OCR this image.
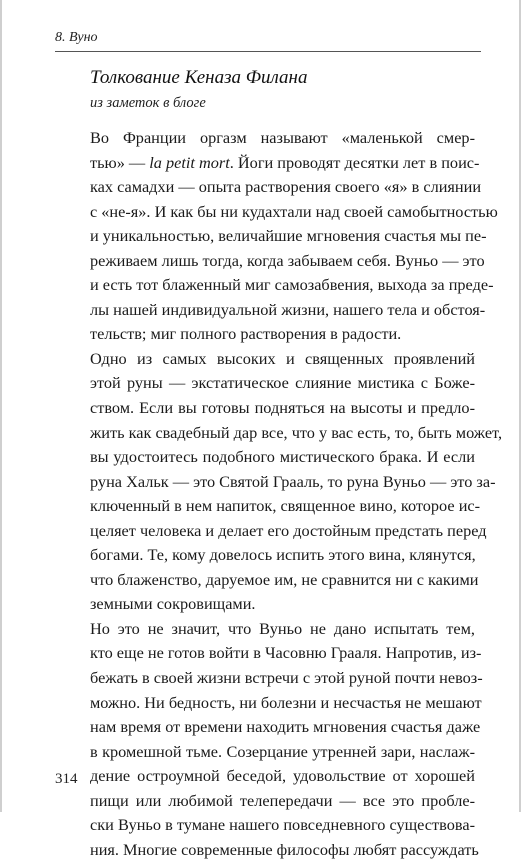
8. Вуно
Толкование Кеназа Филана
из заметок в блоге
Во Франции оргазм называют «маленькой смер-
тью» — la petit mort. Йоги проводят десятки лет в поис-
ках самадхи — опыта растворения своего «я» в слиянии
с «не-я». И как бы ни кудахтали над своей самобытностью
и уникальностью, величайшие мгновения счастья мы пе-
реживаем лишь тогда, когда забываем себя. Вуньо — это
и есть тот блаженный миг самозабвения, выхода за преде-
лы нашей индивидуальной жизни, нашего тела и обстоя-
тельств; миг полного растворения в радости.
Одно из самых высоких и священных проявлений
этой руны — экстатическое слияние мистика с Боже-
ством. Если вы готовы подняться на высоты и предло-
жить как свадебный дар все, что у вас есть, то, быть может,
вы удостоитесь подобного мистического брака. И если
руна Хальк — это Святой Грааль, то руна Вуньо — это за-
ключенный в нем напиток, священное вино, которое ис-
целяет человека и делает его достойным предстать перед
богами. Те, кому довелось испить этого вина, клянутся,
что блаженство, даруемое им, не сравнится ни с какими
земными сокровищами.
Но это не значит, что Вуньо не дано испытать тем,
кто еще не готов войти в Часовню Грааля. Напротив, из-
бежать в своей жизни встречи с этой руной почти невоз-
можно. Ни бедность, ни болезни и несчастья не мешают
нам время от времени находить мгновения счастья даже
в кромешной тьме. Созерцание утренней зари, наслаж-
дение остроумной беседой, удовольствие от хорошей
пищи или любимой телепередачи — все это пробле-
ски Вуньо в тумане нашего повседневного существова-
ния. Многие современные философы любят рассуждать
314
